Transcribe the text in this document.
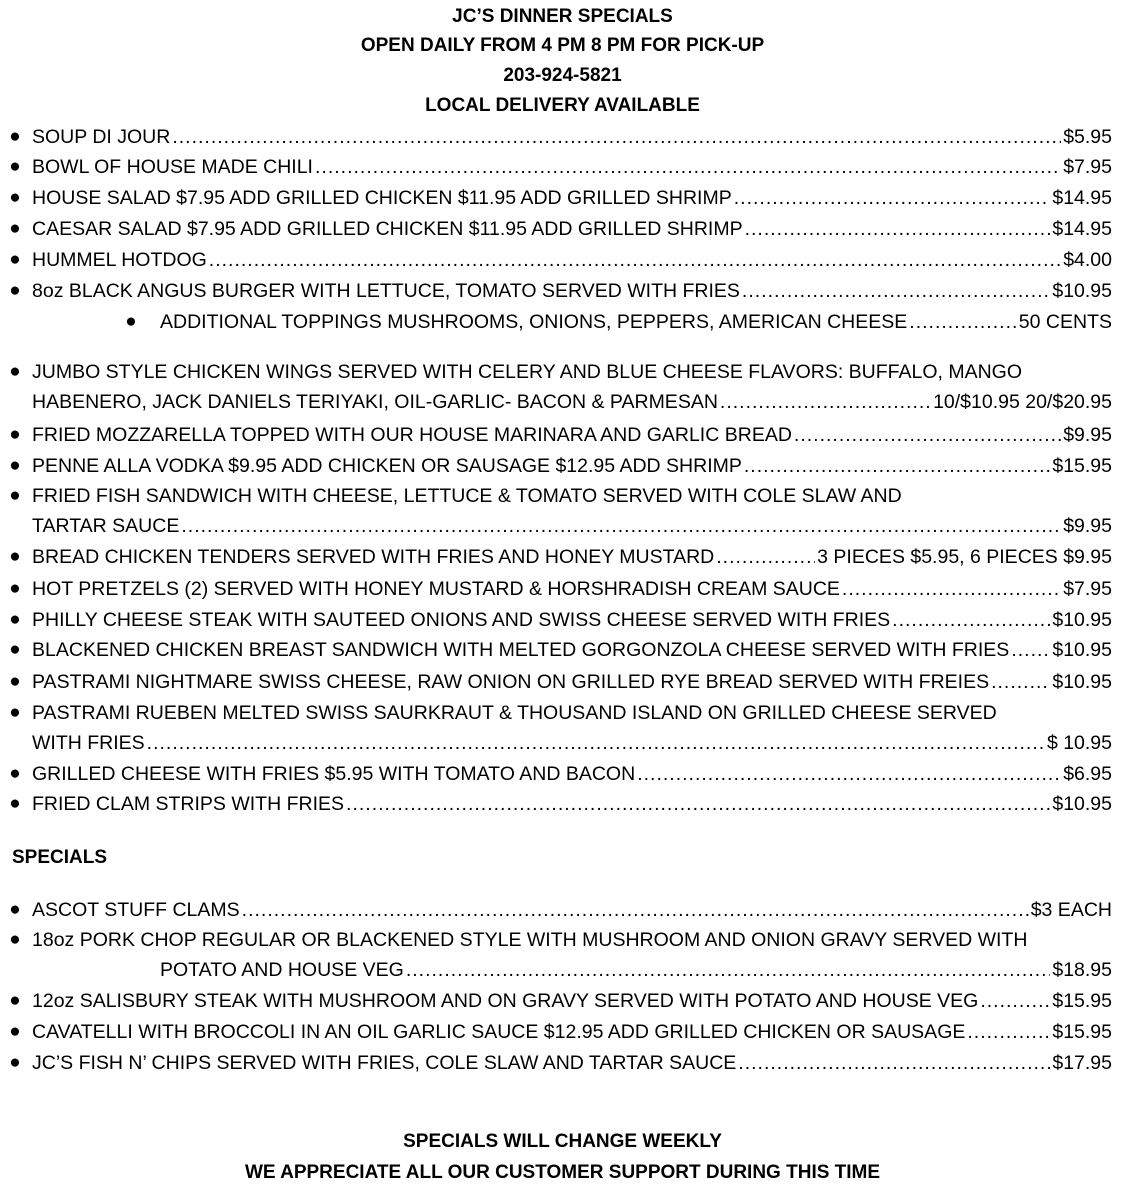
JC’S DINNER SPECIALS
OPEN DAILY FROM 4 PM 8 PM FOR PICK-UP
203-924-5821
LOCAL DELIVERY AVAILABLE
● SOUP DI JOUR .....	$5.95
● BOWL OF HOUSE MADE CHILI .....	$7.95
● HOUSE SALAD $7.95 ADD GRILLED CHICKEN $11.95 ADD GRILLED SHRIMP .....	$14.95
● CAESAR SALAD $7.95 ADD GRILLED CHICKEN $11.95 ADD GRILLED SHRIMP .....	$14.95
● HUMMEL HOTDOG .....	$4.00
● 8oz BLACK ANGUS BURGER WITH LETTUCE, TOMATO SERVED WITH FRIES .....	$10.95
● ADDITIONAL TOPPINGS MUSHROOMS, ONIONS, PEPPERS, AMERICAN CHEESE .....	50 CENTS
● JUMBO STYLE CHICKEN WINGS SERVED WITH CELERY AND BLUE CHEESE FLAVORS: BUFFALO, MANGO
HABENERO, JACK DANIELS TERIYAKI, OIL-GARLIC- BACON & PARMESAN .....	10/$10.95 20/$20.95
● FRIED MOZZARELLA TOPPED WITH OUR HOUSE MARINARA AND GARLIC BREAD .....	$9.95
● PENNE ALLA VODKA $9.95 ADD CHICKEN OR SAUSAGE $12.95 ADD SHRIMP .....	$15.95
● FRIED FISH SANDWICH WITH CHEESE, LETTUCE & TOMATO SERVED WITH COLE SLAW AND
TARTAR SAUCE .....	$9.95
● BREAD CHICKEN TENDERS SERVED WITH FRIES AND HONEY MUSTARD .....	3 PIECES $5.95, 6 PIECES $9.95
● HOT PRETZELS (2) SERVED WITH HONEY MUSTARD & HORSHRADISH CREAM SAUCE .....	$7.95
● PHILLY CHEESE STEAK WITH SAUTEED ONIONS AND SWISS CHEESE SERVED WITH FRIES .....	$10.95
● BLACKENED CHICKEN BREAST SANDWICH WITH MELTED GORGONZOLA CHEESE SERVED WITH FRIES ..... $10.95
● PASTRAMI NIGHTMARE SWISS CHEESE, RAW ONION ON GRILLED RYE BREAD SERVED WITH FREIES .....	$10.95
● PASTRAMI RUEBEN MELTED SWISS SAURKRAUT & THOUSAND ISLAND ON GRILLED CHEESE SERVED
WITH FRIES .....	$ 10.95
● GRILLED CHEESE WITH FRIES $5.95 WITH TOMATO AND BACON .....	$6.95
● FRIED CLAM STRIPS WITH FRIES .....	$10.95
SPECIALS
● ASCOT STUFF CLAMS .....	$3 EACH
● 18oz PORK CHOP REGULAR OR BLACKENED STYLE WITH MUSHROOM AND ONION GRAVY SERVED WITH
POTATO AND HOUSE VEG .....	$18.95
● 12oz SALISBURY STEAK WITH MUSHROOM AND ON GRAVY SERVED WITH POTATO AND HOUSE VEG .....	$15.95
● CAVATELLI WITH BROCCOLI IN AN OIL GARLIC SAUCE $12.95 ADD GRILLED CHICKEN OR SAUSAGE .....	$15.95
● JC’S FISH N’ CHIPS SERVED WITH FRIES, COLE SLAW AND TARTAR SAUCE .....	$17.95
SPECIALS WILL CHANGE WEEKLY
WE APPRECIATE ALL OUR CUSTOMER SUPPORT DURING THIS TIME
